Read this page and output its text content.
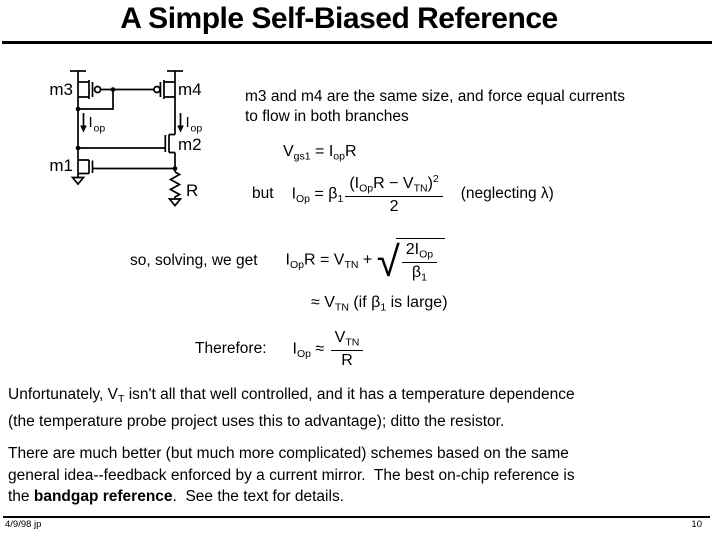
A Simple Self-Biased Reference
m3	m4
m2
m1
R
I op	I op
m3 and m4 are the same size, and force equal currents
to flow in both branches
$V_{gs1} = I_{op}R$
but $I_{Op} = \beta_1$
$(I_{Op}R - V_{TN})^2$
2
(neglecting λ)
so, solving, we get $I_{Op}R = V_{TN}$ + √ $2I_{Op}$
$\beta_1$
≈ $V_{TN}$ (if $\beta_1$ is large)
Therefore: $I_{Op}$ ≈
$V_{TN}$
R
Unfortunately, $V_T$ isn't all that well controlled, and it has a temperature dependence
(the temperature probe project uses this to advantage); ditto the resistor.
There are much better (but much more complicated) schemes based on the same
general idea--feedback enforced by a current mirror.  The best on-chip reference is
the bandgap reference.  See the text for details.
4/9/98 jp	10
